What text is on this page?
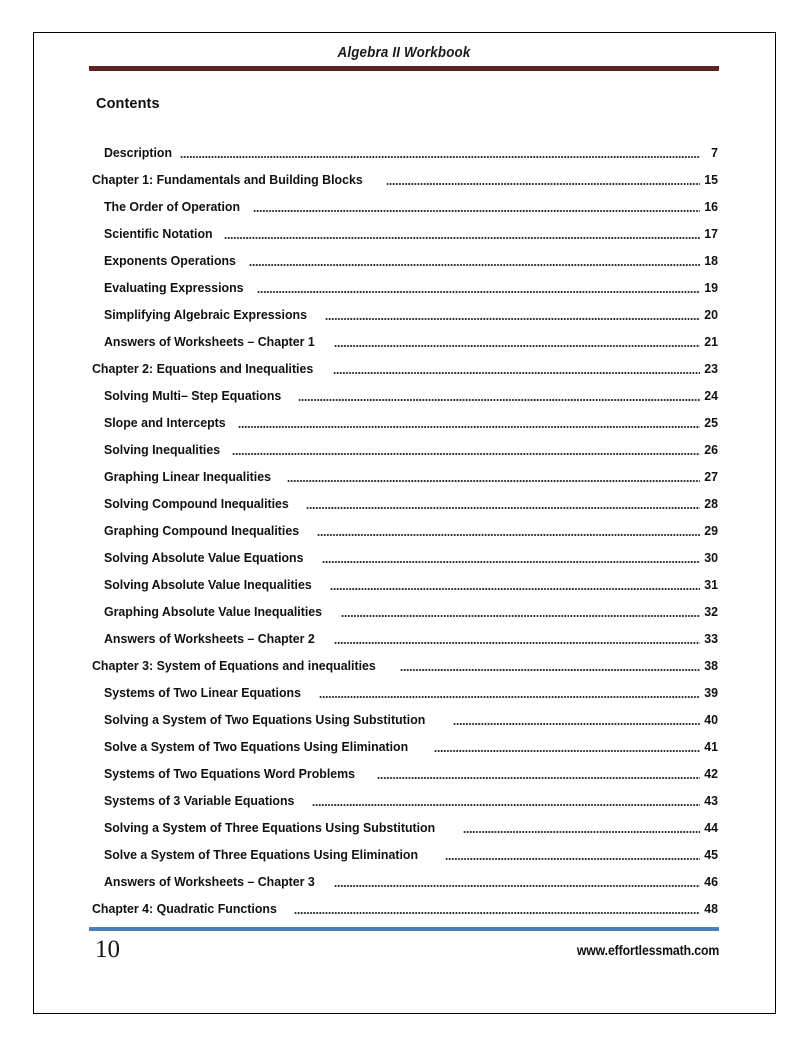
Algebra II Workbook
Contents
Description	7
Chapter 1: Fundamentals and Building Blocks	15
The Order of Operation	16
Scientific Notation	17
Exponents Operations	18
Evaluating Expressions	19
Simplifying Algebraic Expressions	20
Answers of Worksheets – Chapter 1	21
Chapter 2: Equations and Inequalities	23
Solving Multi– Step Equations	24
Slope and Intercepts	25
Solving Inequalities	26
Graphing Linear Inequalities	27
Solving Compound Inequalities	28
Graphing Compound Inequalities	29
Solving Absolute Value Equations	30
Solving Absolute Value Inequalities	31
Graphing Absolute Value Inequalities	32
Answers of Worksheets – Chapter 2	33
Chapter 3: System of Equations and inequalities	38
Systems of Two Linear Equations	39
Solving a System of Two Equations Using Substitution	40
Solve a System of Two Equations Using Elimination	41
Systems of Two Equations Word Problems	42
Systems of 3 Variable Equations	43
Solving a System of Three Equations Using Substitution	44
Solve a System of Three Equations Using Elimination	45
Answers of Worksheets – Chapter 3	46
Chapter 4: Quadratic Functions	48
10	www.effortlessmath.com
